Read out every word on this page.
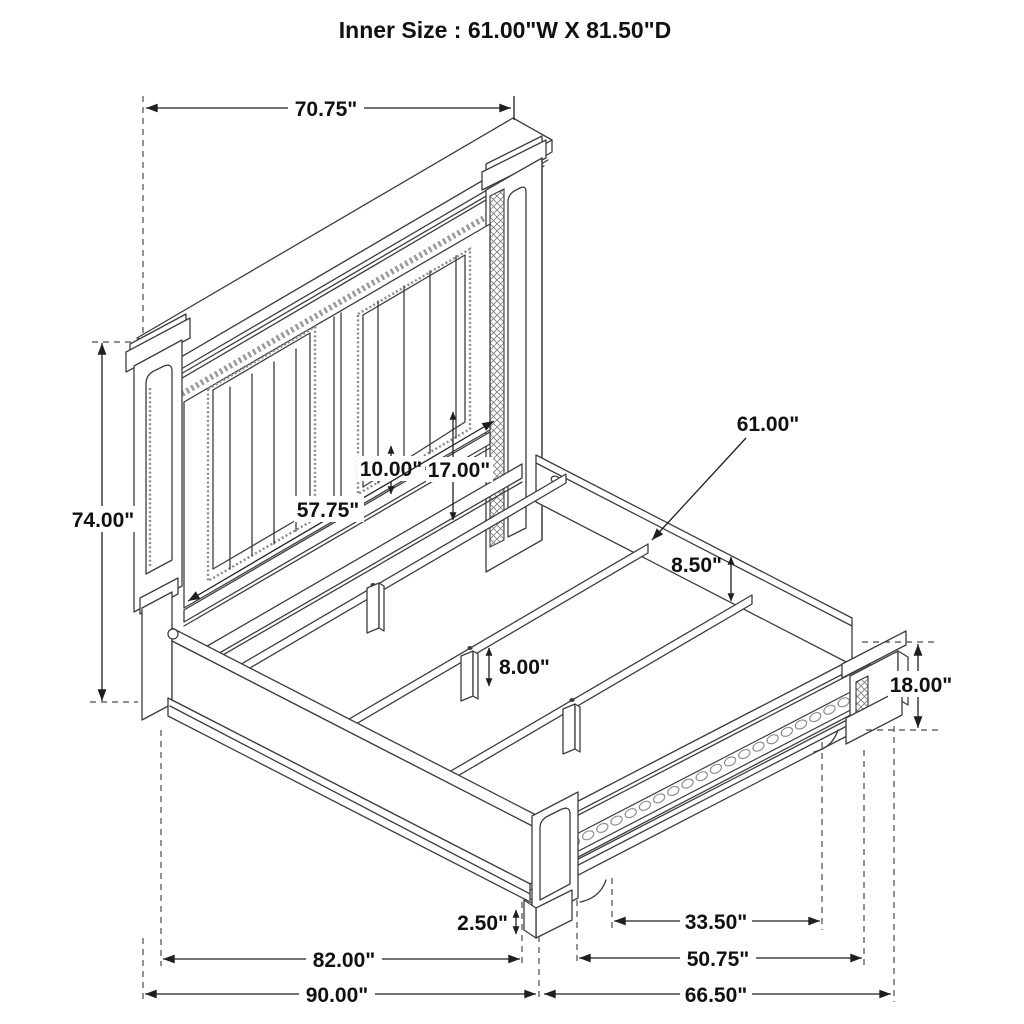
Inner Size : 61.00"W X 81.50"D
70.75"
74.00"
10.00" 17.00"
57.75"
61.00"
8.50"
8.00"
18.00"
2.50"	33.50"
50.75"
82.00"
90.00"	66.50"
